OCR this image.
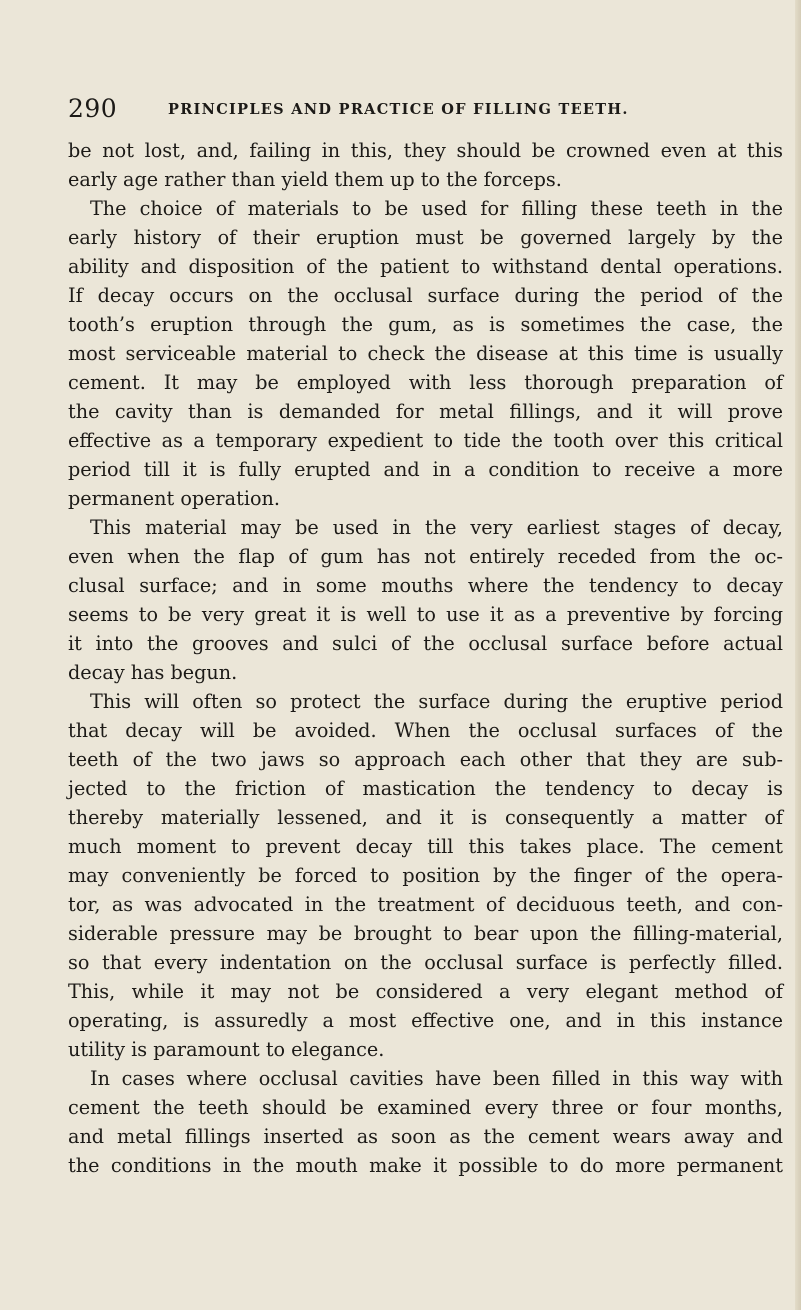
290	PRINCIPLES AND PRACTICE OF FILLING TEETH.
be not lost, and, failing in this, they should be crowned even at this
early age rather than yield them up to the forceps.
The choice of materials to be used for filling these teeth in the
early history of their eruption must be governed largely by the
ability and disposition of the patient to withstand dental operations.
If decay occurs on the occlusal surface during the period of the
tooth’s eruption through the gum, as is sometimes the case, the
most serviceable material to check the disease at this time is usually
cement. It may be employed with less thorough preparation of
the cavity than is demanded for metal fillings, and it will prove
effective as a temporary expedient to tide the tooth over this critical
period till it is fully erupted and in a condition to receive a more
permanent operation.
This material may be used in the very earliest stages of decay,
even when the flap of gum has not entirely receded from the oc-
clusal surface; and in some mouths where the tendency to decay
seems to be very great it is well to use it as a preventive by forcing
it into the grooves and sulci of the occlusal surface before actual
decay has begun.
This will often so protect the surface during the eruptive period
that decay will be avoided. When the occlusal surfaces of the
teeth of the two jaws so approach each other that they are sub-
jected to the friction of mastication the tendency to decay is
thereby materially lessened, and it is consequently a matter of
much moment to prevent decay till this takes place. The cement
may conveniently be forced to position by the finger of the opera-
tor, as was advocated in the treatment of deciduous teeth, and con-
siderable pressure may be brought to bear upon the filling-material,
so that every indentation on the occlusal surface is perfectly filled.
This, while it may not be considered a very elegant method of
operating, is assuredly a most effective one, and in this instance
utility is paramount to elegance.
In cases where occlusal cavities have been filled in this way with
cement the teeth should be examined every three or four months,
and metal fillings inserted as soon as the cement wears away and
the conditions in the mouth make it possible to do more permanent
